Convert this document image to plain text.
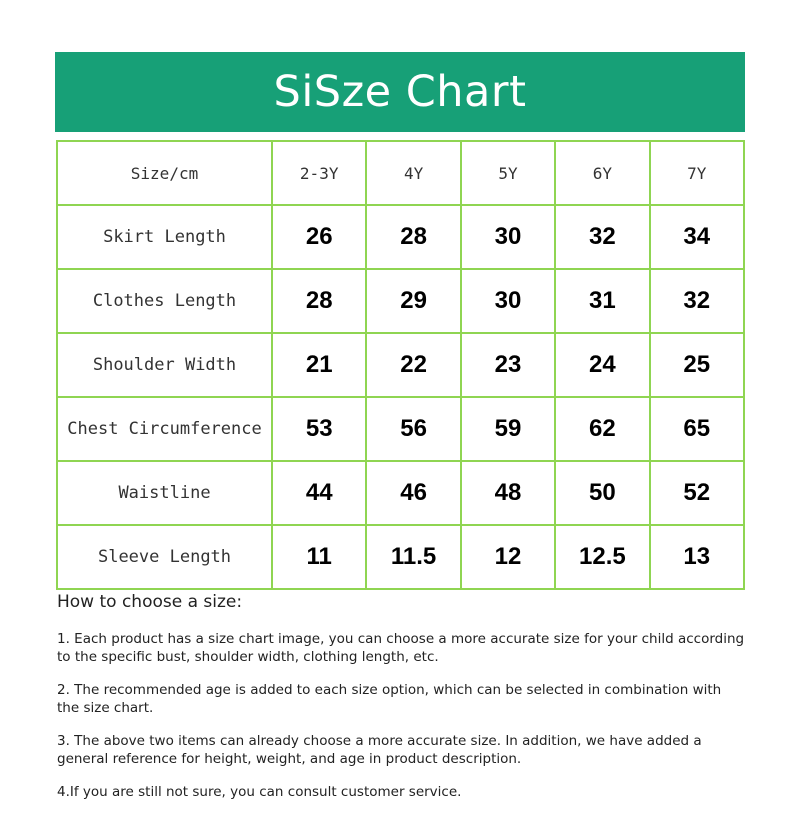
SiSze Chart
Size/cm	2-3Y	4Y	5Y	6Y	7Y
Skirt Length	26	28	30	32	34
Clothes Length	28	29	30	31	32
Shoulder Width	21	22	23	24	25
Chest Circumference	53	56	59	62	65
Waistline	44	46	48	50	52
Sleeve Length	11	11.5	12	12.5	13

How to choose a size:

1. Each product has a size chart image, you can choose a more accurate size for your child according to the specific bust, shoulder width, clothing length, etc.

2. The recommended age is added to each size option, which can be selected in combination with the size chart.

3. The above two items can already choose a more accurate size. In addition, we have added a general reference for height, weight, and age in product description.

4.If you are still not sure, you can consult customer service.
